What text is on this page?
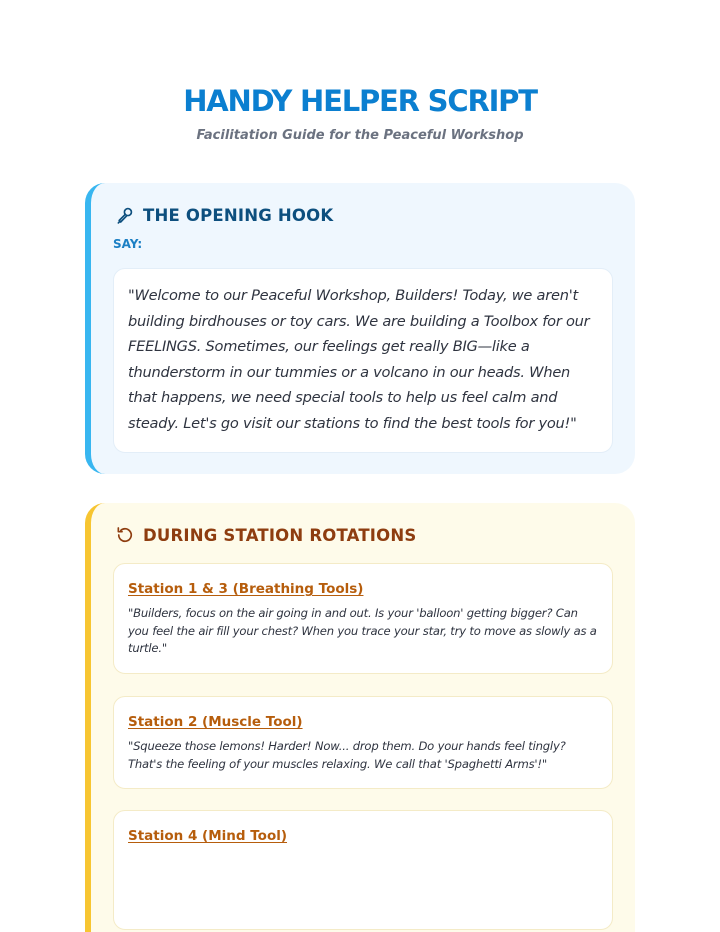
HANDY HELPER SCRIPT
Facilitation Guide for the Peaceful Workshop
THE OPENING HOOK
SAY:
"Welcome to our Peaceful Workshop, Builders! Today, we aren't building birdhouses or toy cars. We are building a Toolbox for our FEELINGS. Sometimes, our feelings get really BIG—like a thunderstorm in our tummies or a volcano in our heads. When that happens, we need special tools to help us feel calm and steady. Let's go visit our stations to find the best tools for you!"
DURING STATION ROTATIONS
Station 1 & 3 (Breathing Tools)
"Builders, focus on the air going in and out. Is your 'balloon' getting bigger? Can you feel the air fill your chest? When you trace your star, try to move as slowly as a turtle."
Station 2 (Muscle Tool)
"Squeeze those lemons! Harder! Now... drop them. Do your hands feel tingly? That's the feeling of your muscles relaxing. We call that 'Spaghetti Arms'!"
Station 4 (Mind Tool)
